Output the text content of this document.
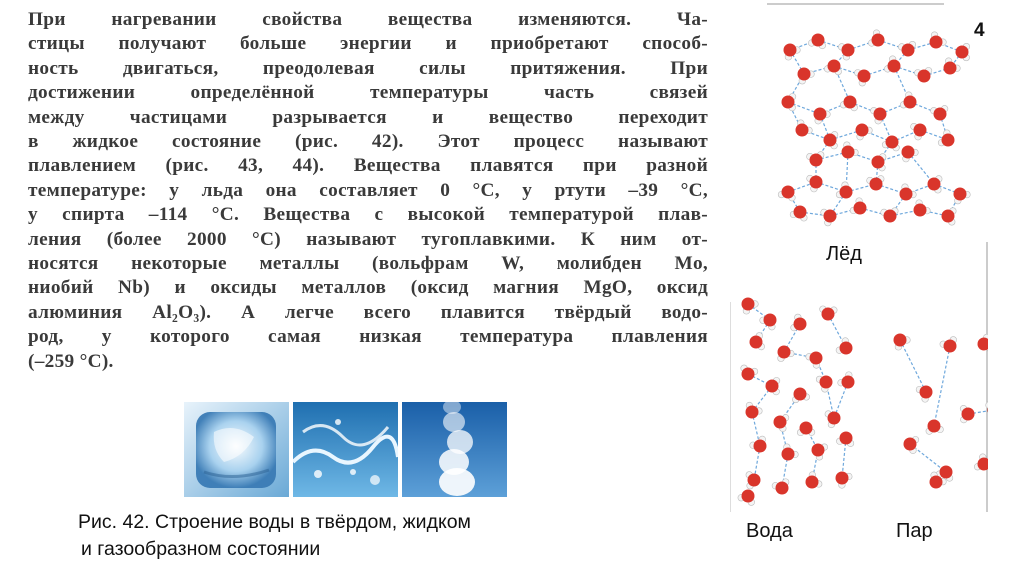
При нагревании свойства вещества изменяются. Ча-
стицы получают больше энергии и приобретают способ-
ность двигаться, преодолевая силы притяжения. При
достижении определённой температуры часть связей
между частицами разрывается и вещество переходит
в жидкое состояние (рис. 42). Этот процесс называют
плавлением (рис. 43, 44). Вещества плавятся при разной
температуре: у льда она составляет 0 °С, у ртути –39 °С,
у спирта –114 °С. Вещества с высокой температурой плав-
ления (более 2000 °С) называют тугоплавкими. К ним от-
носятся некоторые металлы (вольфрам W, молибден Mo,
ниобий Nb) и оксиды металлов (оксид магния MgO, оксид
алюминия Al₂O₃). А легче всего плавится твёрдый водо-
род, у которого самая низкая температура плавления
(–259 °С).
Рис. 42. Строение воды в твёрдом, жидком
и газообразном состоянии
4
Лёд
Вода	Пар
